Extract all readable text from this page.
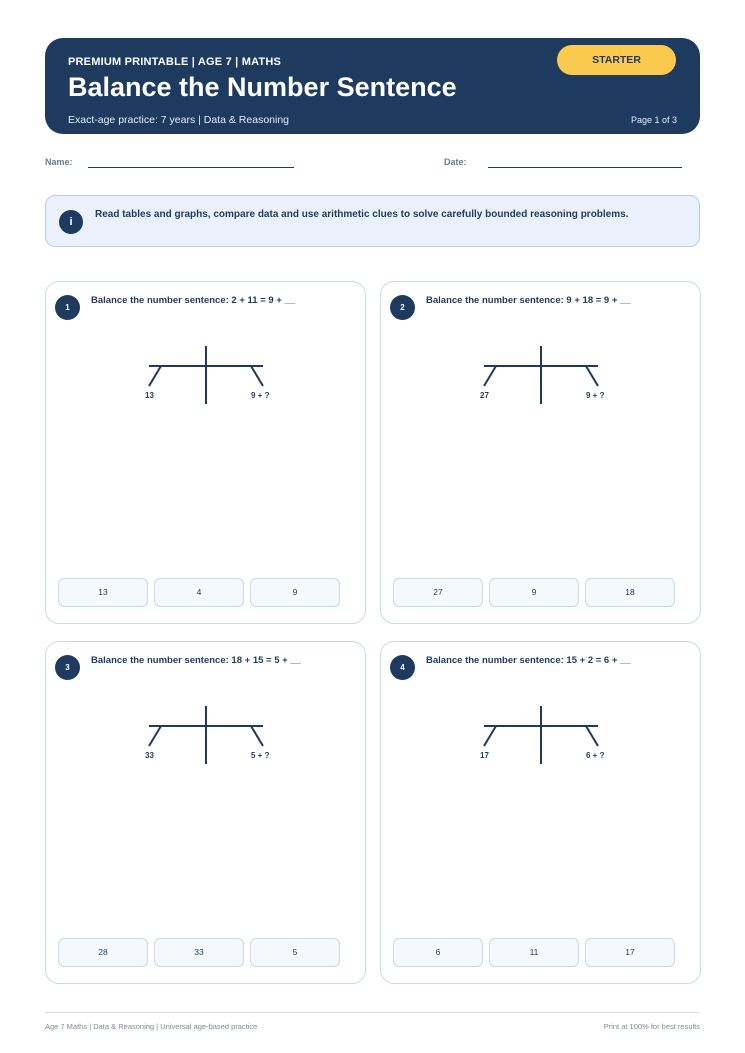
PREMIUM PRINTABLE | AGE 7 | MATHS
Balance the Number Sentence
Exact-age practice: 7 years | Data & Reasoning	Page 1 of 3
STARTER
Name:	Date:
i
Read tables and graphs, compare data and use arithmetic clues to solve carefully bounded reasoning problems.
1
Balance the number sentence: 2 + 11 = 9 + __
13	9 + ?
13	4	9
2
Balance the number sentence: 9 + 18 = 9 + __
27	9 + ?
27	9	18
3
Balance the number sentence: 18 + 15 = 5 + __
33	5 + ?
28	33	5
4
Balance the number sentence: 15 + 2 = 6 + __
17	6 + ?
6	11	17
Age 7 Maths | Data & Reasoning | Universal age-based practice	Print at 100% for best results
